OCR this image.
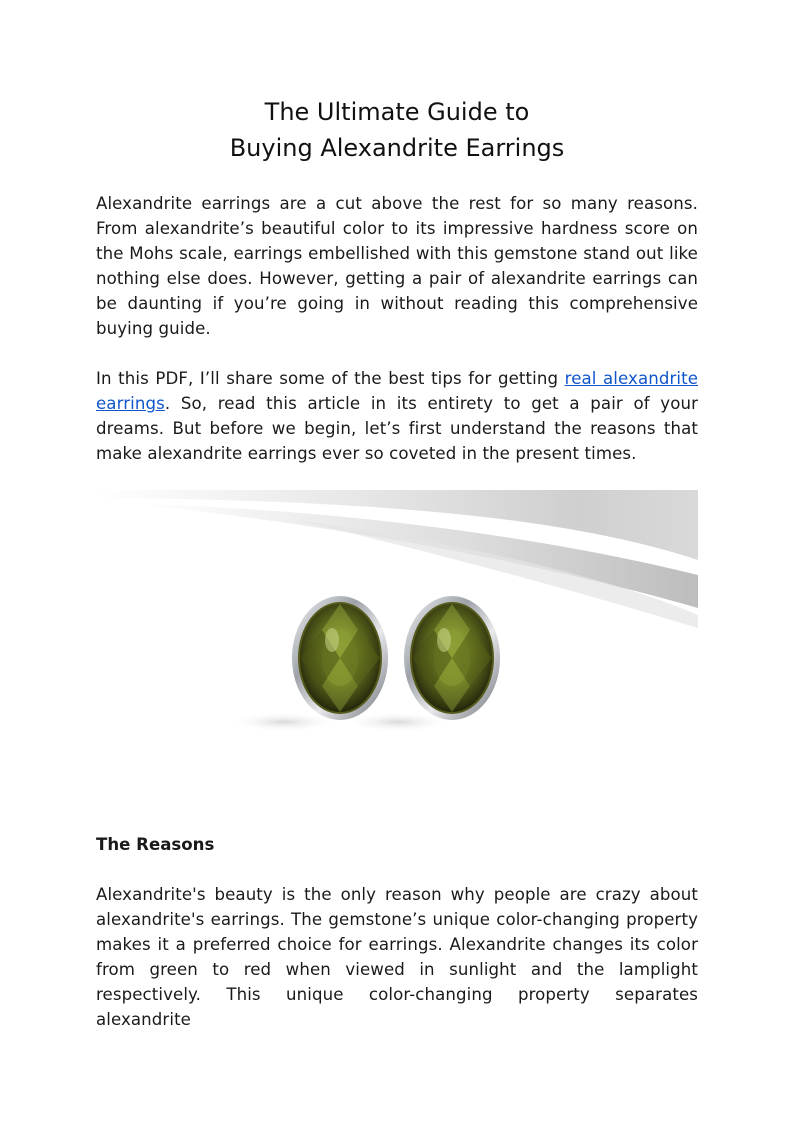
The Ultimate Guide to
Buying Alexandrite Earrings

Alexandrite earrings are a cut above the rest for so many reasons. From alexandrite’s beautiful color to its impressive hardness score on the Mohs scale, earrings embellished with this gemstone stand out like nothing else does. However, getting a pair of alexandrite earrings can be daunting if you’re going in without reading this comprehensive buying guide.

In this PDF, I’ll share some of the best tips for getting real alexandrite earrings. So, read this article in its entirety to get a pair of your dreams. But before we begin, let’s first understand the reasons that make alexandrite earrings ever so coveted in the present times.

The Reasons

Alexandrite's beauty is the only reason why people are crazy about alexandrite's earrings. The gemstone’s unique color-changing property makes it a preferred choice for earrings. Alexandrite changes its color from green to red when viewed in sunlight and the lamplight respectively. This unique color-changing property separates alexandrite
